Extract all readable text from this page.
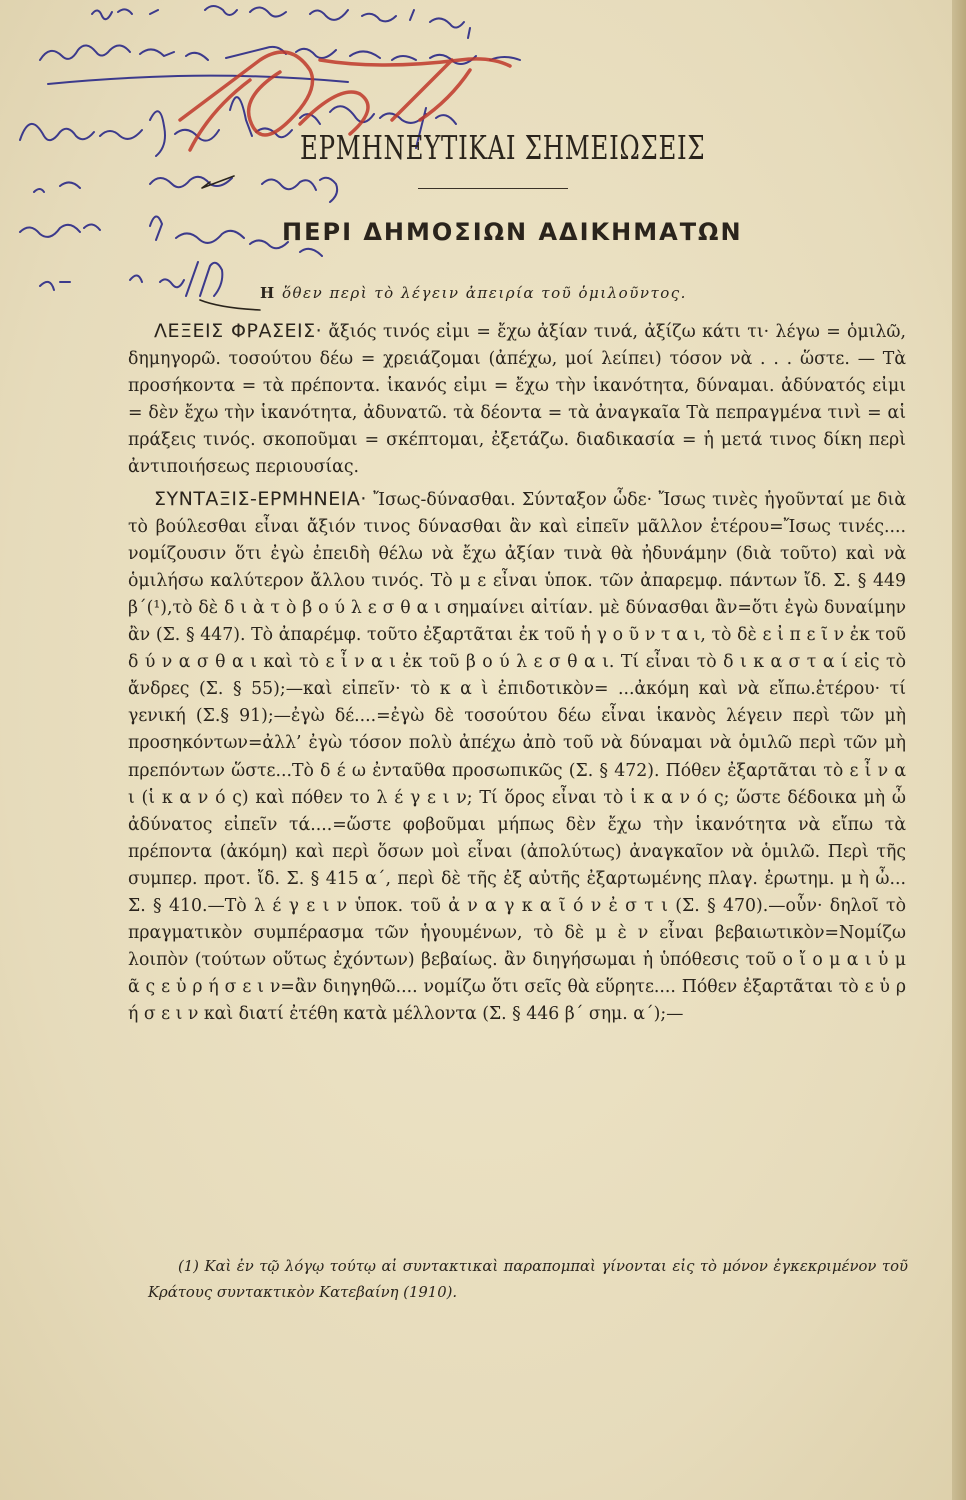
ΕΡΜΗΝΕΥΤΙΚΑΙ ΣΗΜΕΙΩΣΕΙΣ
ΠΕΡΙ ΔΗΜΟΣΙΩΝ ΑΔΙΚΗΜΑΤΩΝ
Η ὅθεν περὶ τὸ λέγειν ἀπειρία τοῦ ὁμιλοῦντος.

ΛΕΞΕΙΣ ΦΡΑΣΕΙΣ· ἄξιός τινός εἰμι = ἔχω ἀξίαν τινά, ἀξίζω κάτι τι· λέγω = ὁμιλῶ, δημηγορῶ. τοσούτου δέω = χρειάζομαι (ἀπέχω, μοί λείπει) τόσον νὰ . . . ὥστε. — Τὰ προσήκοντα = τὰ πρέποντα. ἱκανός εἰμι = ἔχω τὴν ἱκανότητα, δύναμαι. ἀδύνατός εἰμι = δὲν ἔχω τὴν ἱκανότητα, ἀδυνατῶ. τὰ δέοντα = τὰ ἀναγκαῖα Τὰ πεπραγμένα τινὶ = αἱ πράξεις τινός. σκοποῦμαι = σκέπτομαι, ἐξετάζω. διαδικασία = ἡ μετά τινος δίκη περὶ ἀντιποιήσεως περιουσίας.

ΣΥΝΤΑΞΙΣ-ΕΡΜΗΝΕΙΑ· Ἴσως-δύνασθαι. Σύνταξον ὧδε· Ἴσως τινὲς ἡγοῦνταί με διὰ τὸ βούλεσθαι εἶναι ἄξιόν τινος δύνασθαι ἂν καὶ εἰπεῖν μᾶλλον ἑτέρου=Ἴσως τινές.... νομίζουσιν ὅτι ἐγὼ ἐπειδὴ θέλω νὰ ἔχω ἀξίαν τινὰ θὰ ἠδυνάμην (διὰ τοῦτο) καὶ νὰ ὁμιλήσω καλύτερον ἄλλου τινός. Τὸ μ ε εἶναι ὑποκ. τῶν ἀπαρεμφ. πάντων ἴδ. Σ. § 449 β΄(¹),τὸ δὲ δ ι ὰ τ ὸ β ο ύ λ ε σ θ α ι σημαίνει αἰτίαν. μὲ δύνασθαι ἂν=ὅτι ἐγὼ δυναίμην ἂν (Σ. § 447). Τὸ ἀπαρέμφ. τοῦτο ἐξαρτᾶται ἐκ τοῦ ἡ γ ο ῦ ν τ α ι, τὸ δὲ ε ἰ π ε ῖ ν ἐκ τοῦ δ ύ ν α σ θ α ι καὶ τὸ ε ἶ ν α ι ἐκ τοῦ β ο ύ λ ε σ θ α ι. Τί εἶναι τὸ δ ι κ α σ τ α ί εἰς τὸ ἄνδρες (Σ. § 55);—καὶ εἰπεῖν· τὸ κ α ὶ ἐπιδοτικὸν= ...ἀκόμη καὶ νὰ εἴπω.ἑτέρου· τί γενική (Σ.§ 91);—ἐγὼ δέ....=ἐγὼ δὲ τοσούτου δέω εἶναι ἱκανὸς λέγειν περὶ τῶν μὴ προσηκόντων=ἀλλ’ ἐγὼ τόσον πολὺ ἀπέχω ἀπὸ τοῦ νὰ δύναμαι νὰ ὁμιλῶ περὶ τῶν μὴ πρεπόντων ὥστε...Τὸ δ έ ω ἐνταῦθα προσωπικῶς (Σ. § 472). Πόθεν ἐξαρτᾶται τὸ ε ἶ ν α ι (ἱ κ α ν ό ς) καὶ πόθεν το λ έ γ ε ι ν; Τί ὅρος εἶναι τὸ ἱ κ α ν ό ς; ὥστε δέδοικα μὴ ὦ ἀδύνατος εἰπεῖν τά....=ὥστε φοβοῦμαι μήπως δὲν ἔχω τὴν ἱκανότητα νὰ εἴπω τὰ πρέποντα (ἀκόμη) καὶ περὶ ὅσων μοὶ εἶναι (ἀπολύτως) ἀναγκαῖον νὰ ὁμιλῶ. Περὶ τῆς συμπερ. προτ. ἴδ. Σ. § 415 α΄, περὶ δὲ τῆς ἐξ αὐτῆς ἐξαρτωμένης πλαγ. ἐρωτημ. μ ὴ ὦ... Σ. § 410.—Τὸ λ έ γ ε ι ν ὑποκ. τοῦ ἀ ν α γ κ α ῖ ό ν ἐ σ τ ι (Σ. § 470).—οὖν· δηλοῖ τὸ πραγματικὸν συμπέρασμα τῶν ἡγουμένων, τὸ δὲ μ ὲ ν εἶναι βεβαιωτικὸν=Νομίζω λοιπὸν (τούτων οὕτως ἐχόντων) βεβαίως. ἂν διηγήσωμαι ἡ ὑπόθεσις τοῦ ο ἴ ο μ α ι ὑ μ ᾶ ς ε ὑ ρ ή σ ε ι ν=ἂν διηγηθῶ.... νομίζω ὅτι σεῖς θὰ εὕρητε.... Πόθεν ἐξαρτᾶται τὸ ε ὑ ρ ή σ ε ι ν καὶ διατί ἐτέθη κατὰ μέλλοντα (Σ. § 446 β΄ σημ. α΄);—

(1) Καὶ ἐν τῷ λόγῳ τούτῳ αἱ συντακτικαὶ παραπομπαὶ γίνονται εἰς τὸ μόνον ἐγκεκριμένον τοῦ Κράτους συντακτικὸν Κατεβαίνη (1910).
